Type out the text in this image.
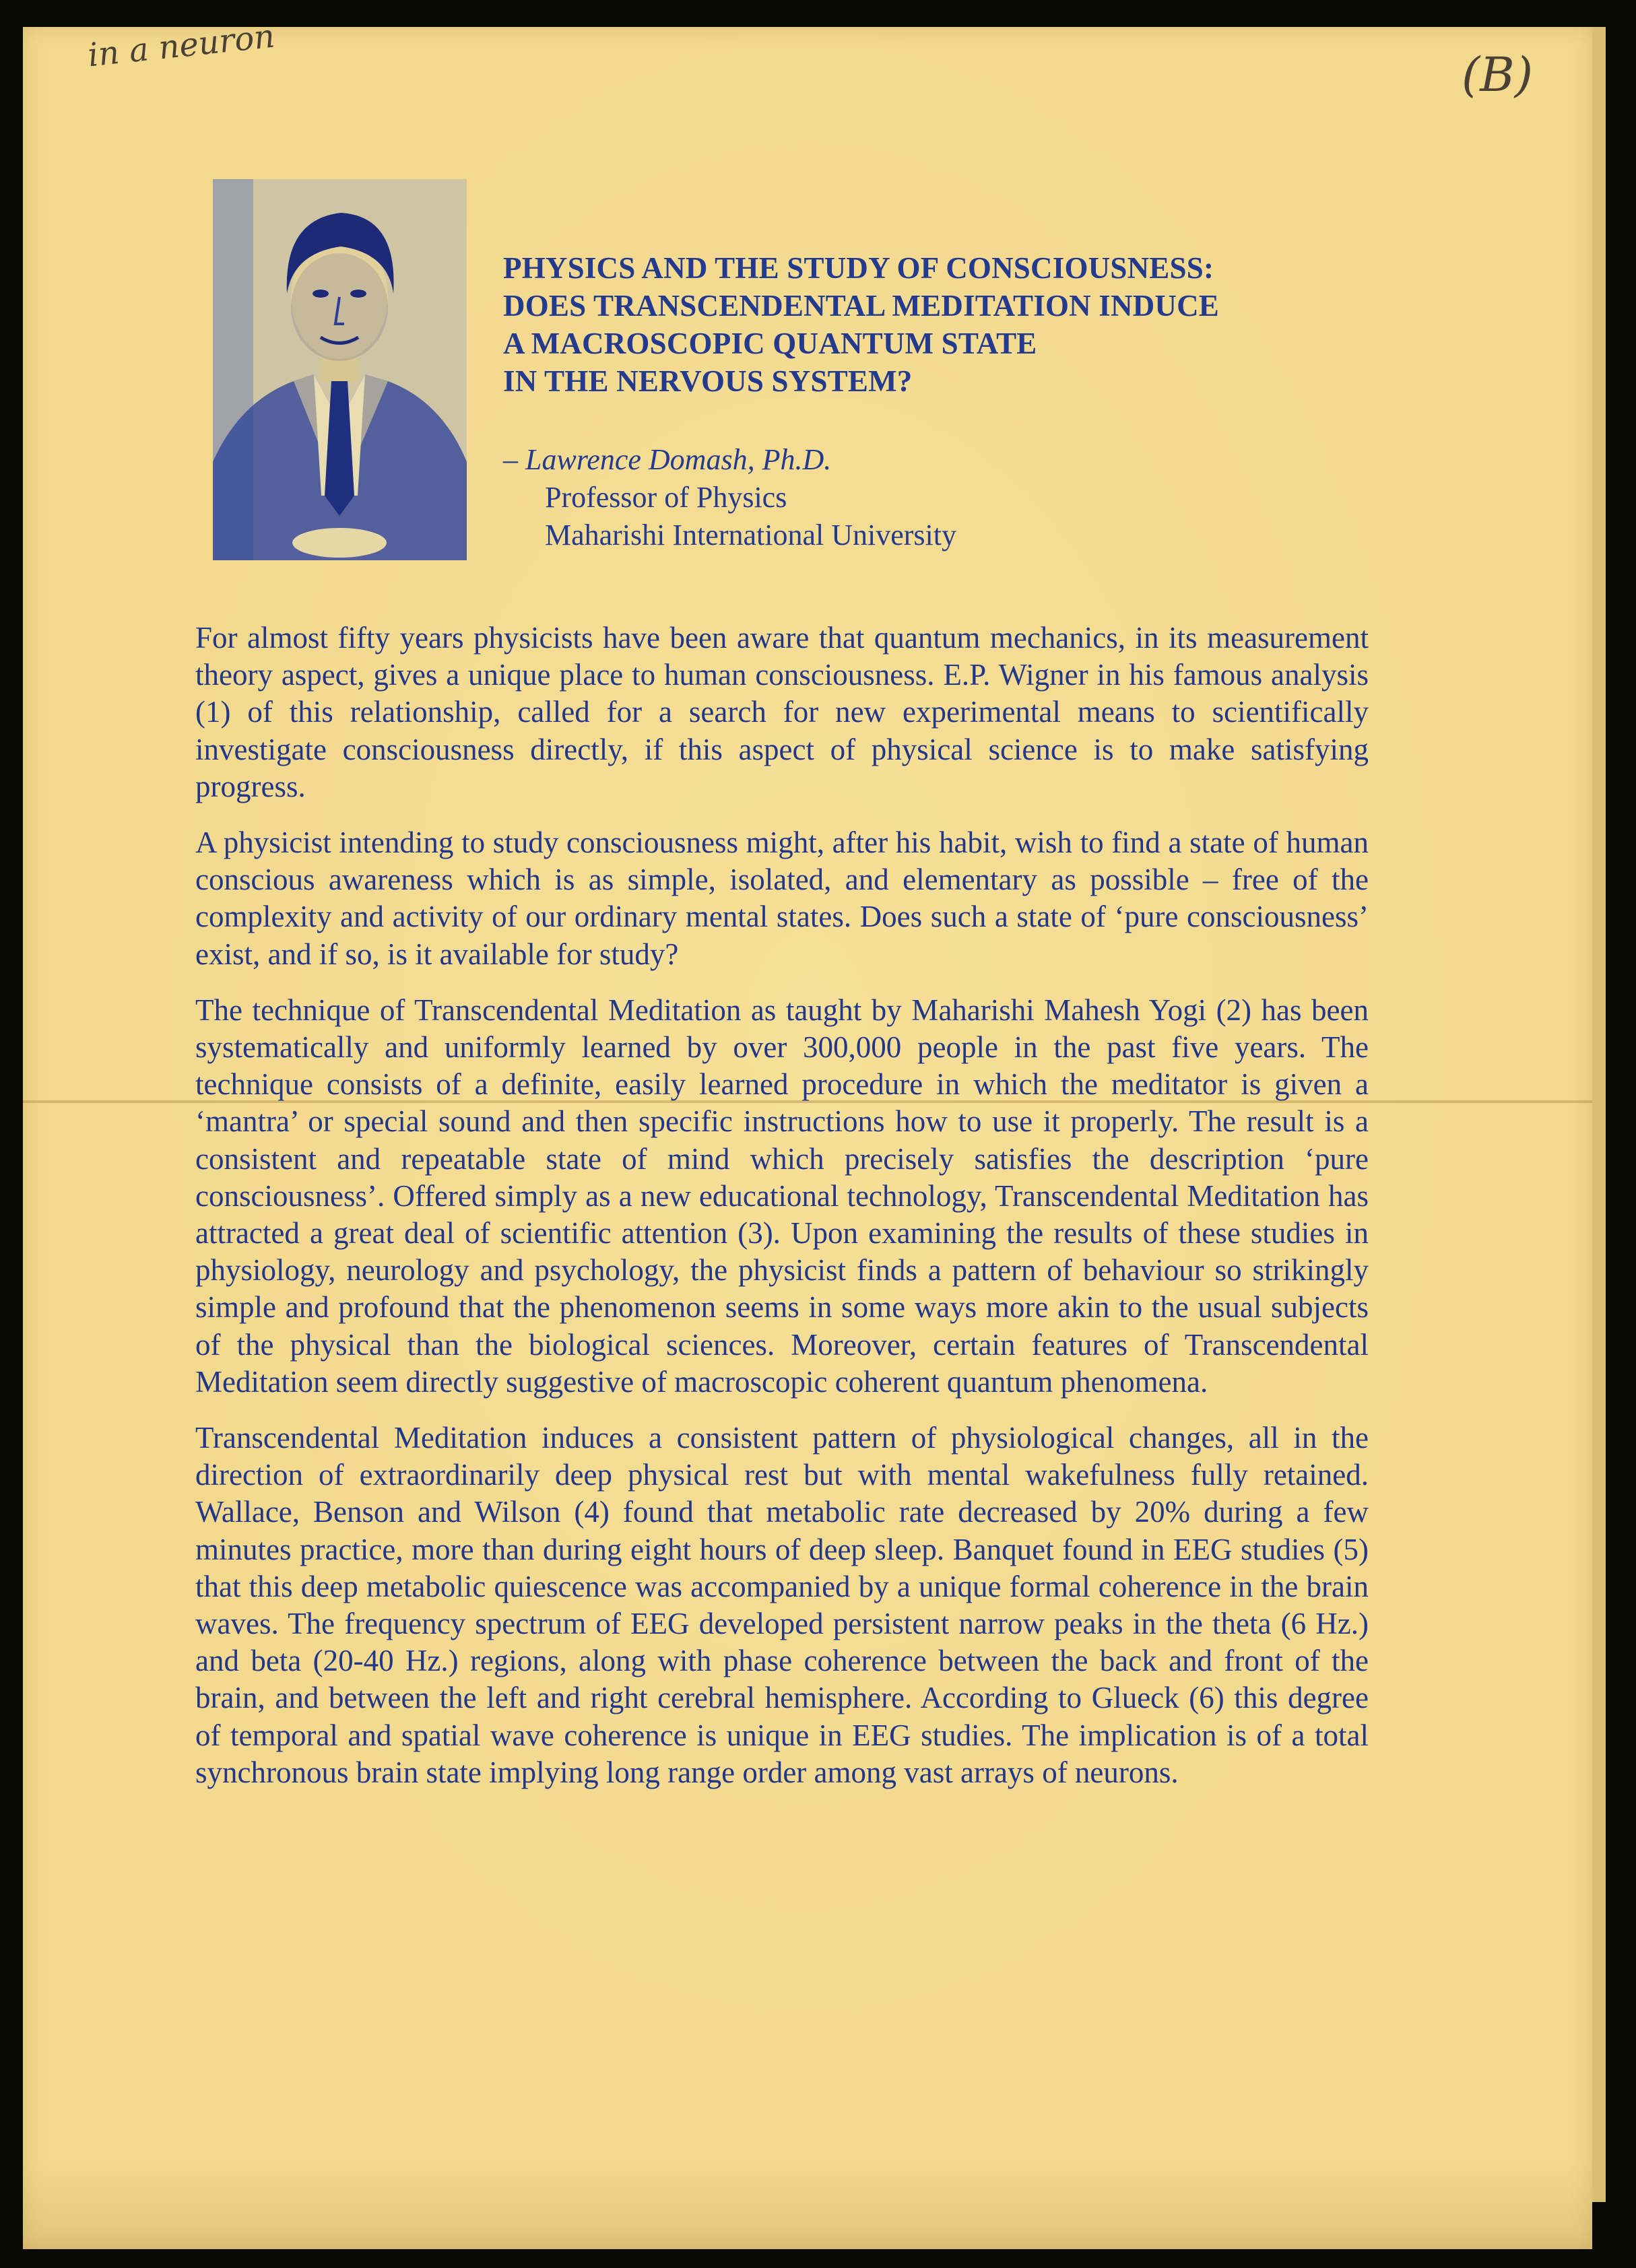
in a neuron
(B)
PHYSICS AND THE STUDY OF CONSCIOUSNESS:
DOES TRANSCENDENTAL MEDITATION INDUCE
A MACROSCOPIC QUANTUM STATE
IN THE NERVOUS SYSTEM?
– Lawrence Domash, Ph.D.
Professor of Physics
Maharishi International University

For almost fifty years physicists have been aware that quantum mechanics, in its measurement theory aspect, gives a unique place to human consciousness. E.P. Wigner in his famous analysis (1) of this relationship, called for a search for new experimental means to scientifically investigate consciousness directly, if this aspect of physical science is to make satisfying progress.

A physicist intending to study consciousness might, after his habit, wish to find a state of human conscious awareness which is as simple, isolated, and elementary as possible – free of the complexity and activity of our ordinary mental states. Does such a state of ‘pure consciousness’ exist, and if so, is it available for study?

The technique of Transcendental Meditation as taught by Maharishi Mahesh Yogi (2) has been systematically and uniformly learned by over 300,000 people in the past five years. The technique consists of a definite, easily learned procedure in which the meditator is given a ‘mantra’ or special sound and then specific instructions how to use it properly. The result is a consistent and repeatable state of mind which precisely satisfies the description ‘pure consciousness’. Offered simply as a new educational technology, Transcendental Meditation has attracted a great deal of scientific attention (3). Upon examining the results of these studies in physiology, neurology and psychology, the physicist finds a pattern of behaviour so strikingly simple and profound that the phenomenon seems in some ways more akin to the usual subjects of the physical than the biological sciences. Moreover, certain features of Transcendental Meditation seem directly suggestive of macroscopic coherent quantum phenomena.

Transcendental Meditation induces a consistent pattern of physiological changes, all in the direction of extraordinarily deep physical rest but with mental wakefulness fully retained. Wallace, Benson and Wilson (4) found that metabolic rate decreased by 20% during a few minutes practice, more than during eight hours of deep sleep. Banquet found in EEG studies (5) that this deep metabolic quiescence was accompanied by a unique formal coherence in the brain waves. The frequency spectrum of EEG developed persistent narrow peaks in the theta (6 Hz.) and beta (20-40 Hz.) regions, along with phase coherence between the back and front of the brain, and between the left and right cerebral hemisphere. According to Glueck (6) this degree of temporal and spatial wave coherence is unique in EEG studies. The implication is of a total synchronous brain state implying long range order among vast arrays of neurons.
